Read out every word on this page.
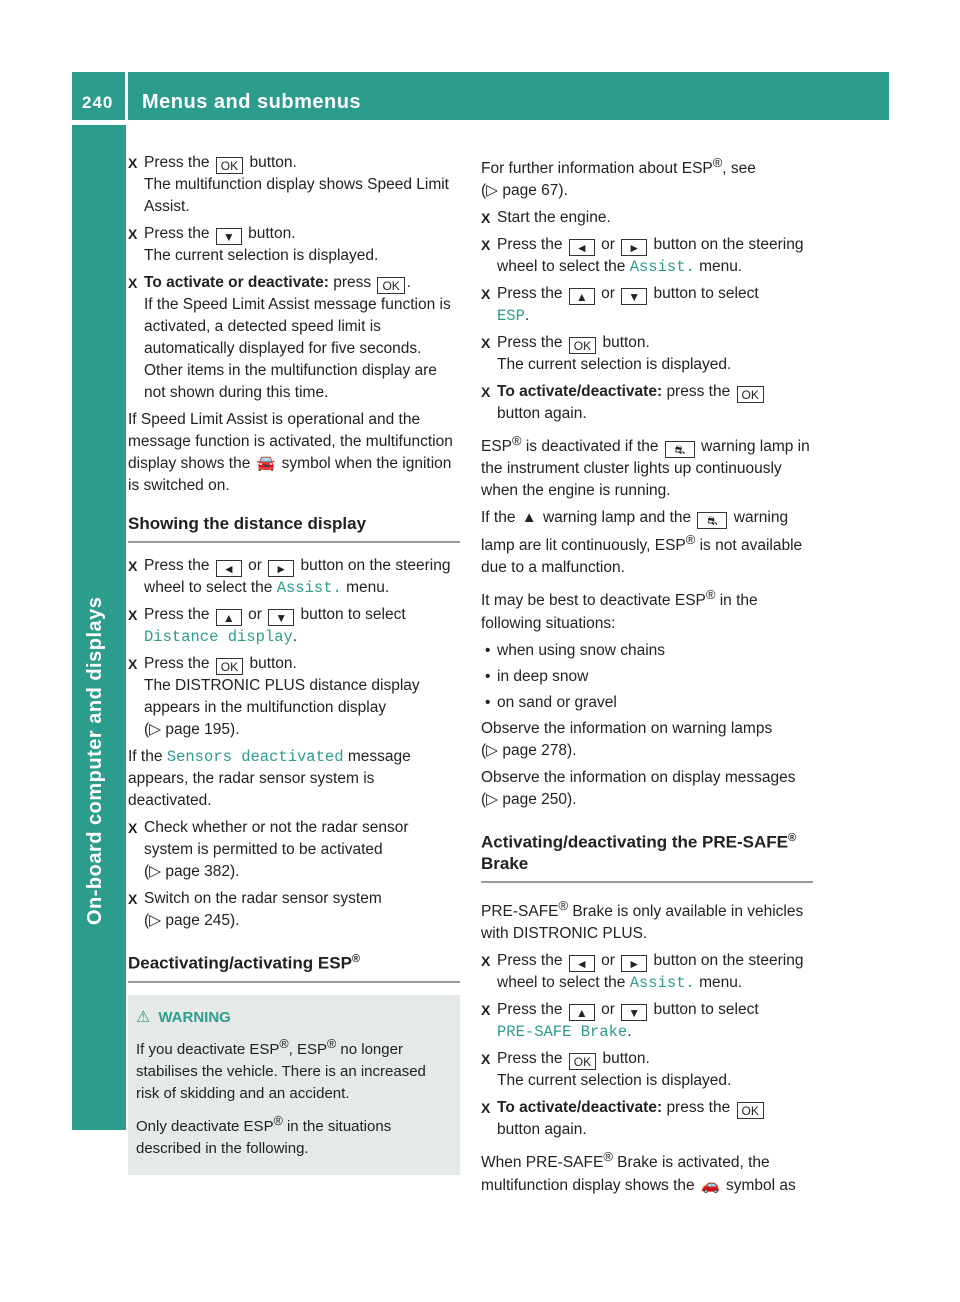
240 Menus and submenus
On-board computer and displays

X Press the OK button.

The multifunction display shows Speed Limit Assist.

X Press the ▼ button.

The current selection is displayed.

X To activate or deactivate: press OK .

If the Speed Limit Assist message function is activated, a detected speed limit is automatically displayed for five seconds. Other items in the multifunction display are not shown during this time.

If Speed Limit Assist is operational and the message function is activated, the multifunction display shows the 🚘 symbol when the ignition is switched on.

Showing the distance display

X Press the ◄ or ► button on the steering wheel to select the Assist. menu.

X Press the ▲ or ▼ button to select
Distance display.

X Press the OK button.

The DISTRONIC PLUS distance display appears in the multifunction display

(▷ page 195).

If the Sensors deactivated message appears, the radar sensor system is deactivated.

X Check whether or not the radar sensor system is permitted to be activated

(▷ page 382).

X Switch on the radar sensor system

(▷ page 245).

Deactivating/activating ESP®
⚠ WARNING

If you deactivate ESP®, ESP® no longer stabilises the vehicle. There is an increased risk of skidding and an accident.

Only deactivate ESP® in the situations described in the following.

For further information about ESP®, see
(▷ page 67).

X Start the engine.

X Press the ◄ or ► button on the steering wheel to select the Assist. menu.

X Press the ▲ or ▼ button to select
ESP.

X Press the OK button.

The current selection is displayed.

X To activate/deactivate: press the OK
button again.

ESP® is deactivated if the ⛐ warning lamp in the instrument cluster lights up continuously when the engine is running.

If the ▲ warning lamp and the ⛐ warning lamp are lit continuously, ESP® is not available due to a malfunction.

It may be best to deactivate ESP® in the following situations:

• when using snow chains
• in deep snow
• on sand or gravel

Observe the information on warning lamps
(▷ page 278).

Observe the information on display messages
(▷ page 250).

Activating/deactivating the PRE-SAFE®
Brake

PRE-SAFE® Brake is only available in vehicles with DISTRONIC PLUS.

X Press the ◄ or ► button on the steering wheel to select the Assist. menu.

X Press the ▲ or ▼ button to select
PRE-SAFE Brake.

X Press the OK button.

The current selection is displayed.

X To activate/deactivate: press the OK
button again.

When PRE-SAFE® Brake is activated, the multifunction display shows the 🚗 symbol as
